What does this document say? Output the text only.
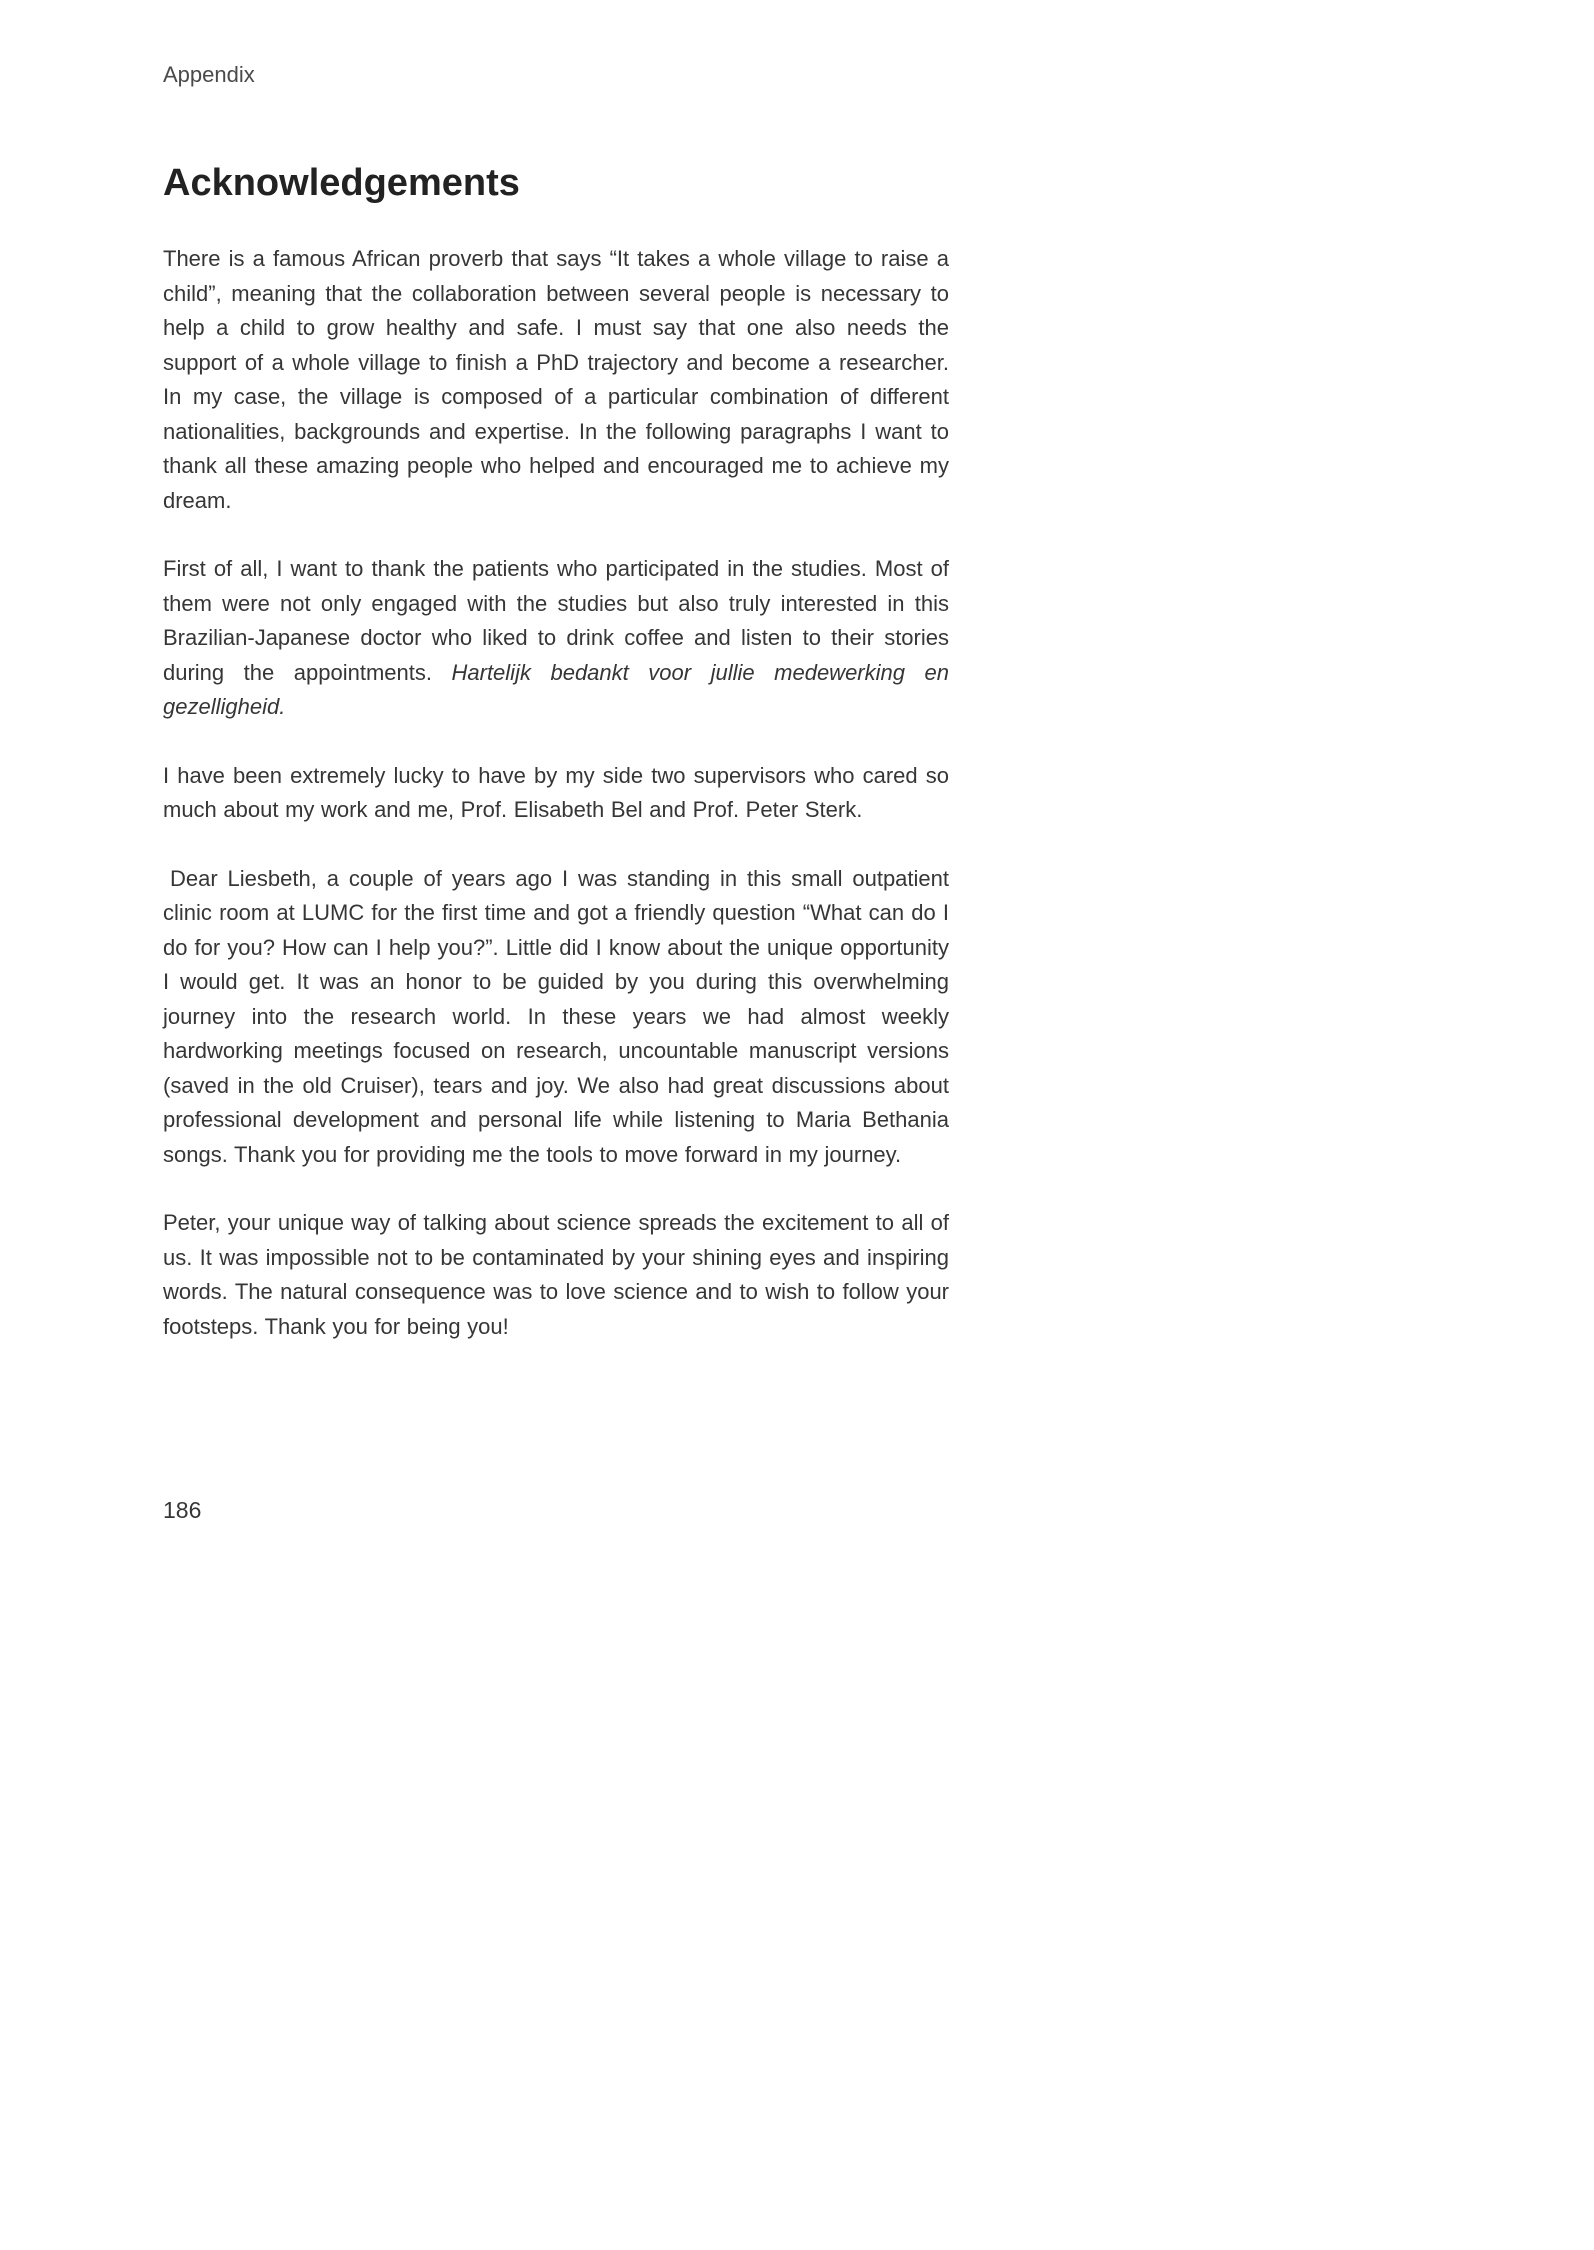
Appendix
Acknowledgements

There is a famous African proverb that says “It takes a whole village to raise a child”, meaning that the collaboration between several people is necessary to help a child to grow healthy and safe. I must say that one also needs the support of a whole village to finish a PhD trajectory and become a researcher. In my case, the village is composed of a particular combination of different nationalities, backgrounds and expertise. In the following paragraphs I want to thank all these amazing people who helped and encouraged me to achieve my dream.

First of all, I want to thank the patients who participated in the studies. Most of them were not only engaged with the studies but also truly interested in this Brazilian-Japanese doctor who liked to drink coffee and listen to their stories during the appointments. Hartelijk bedankt voor jullie medewerking en gezelligheid.

I have been extremely lucky to have by my side two supervisors who cared so much about my work and me, Prof. Elisabeth Bel and Prof. Peter Sterk.

Dear Liesbeth, a couple of years ago I was standing in this small outpatient clinic room at LUMC for the first time and got a friendly question “What can do I do for you? How can I help you?”. Little did I know about the unique opportunity I would get. It was an honor to be guided by you during this overwhelming journey into the research world. In these years we had almost weekly hardworking meetings focused on research, uncountable manuscript versions (saved in the old Cruiser), tears and joy. We also had great discussions about professional development and personal life while listening to Maria Bethania songs. Thank you for providing me the tools to move forward in my journey.

Peter, your unique way of talking about science spreads the excitement to all of us. It was impossible not to be contaminated by your shining eyes and inspiring words. The natural consequence was to love science and to wish to follow your footsteps. Thank you for being you!

186
